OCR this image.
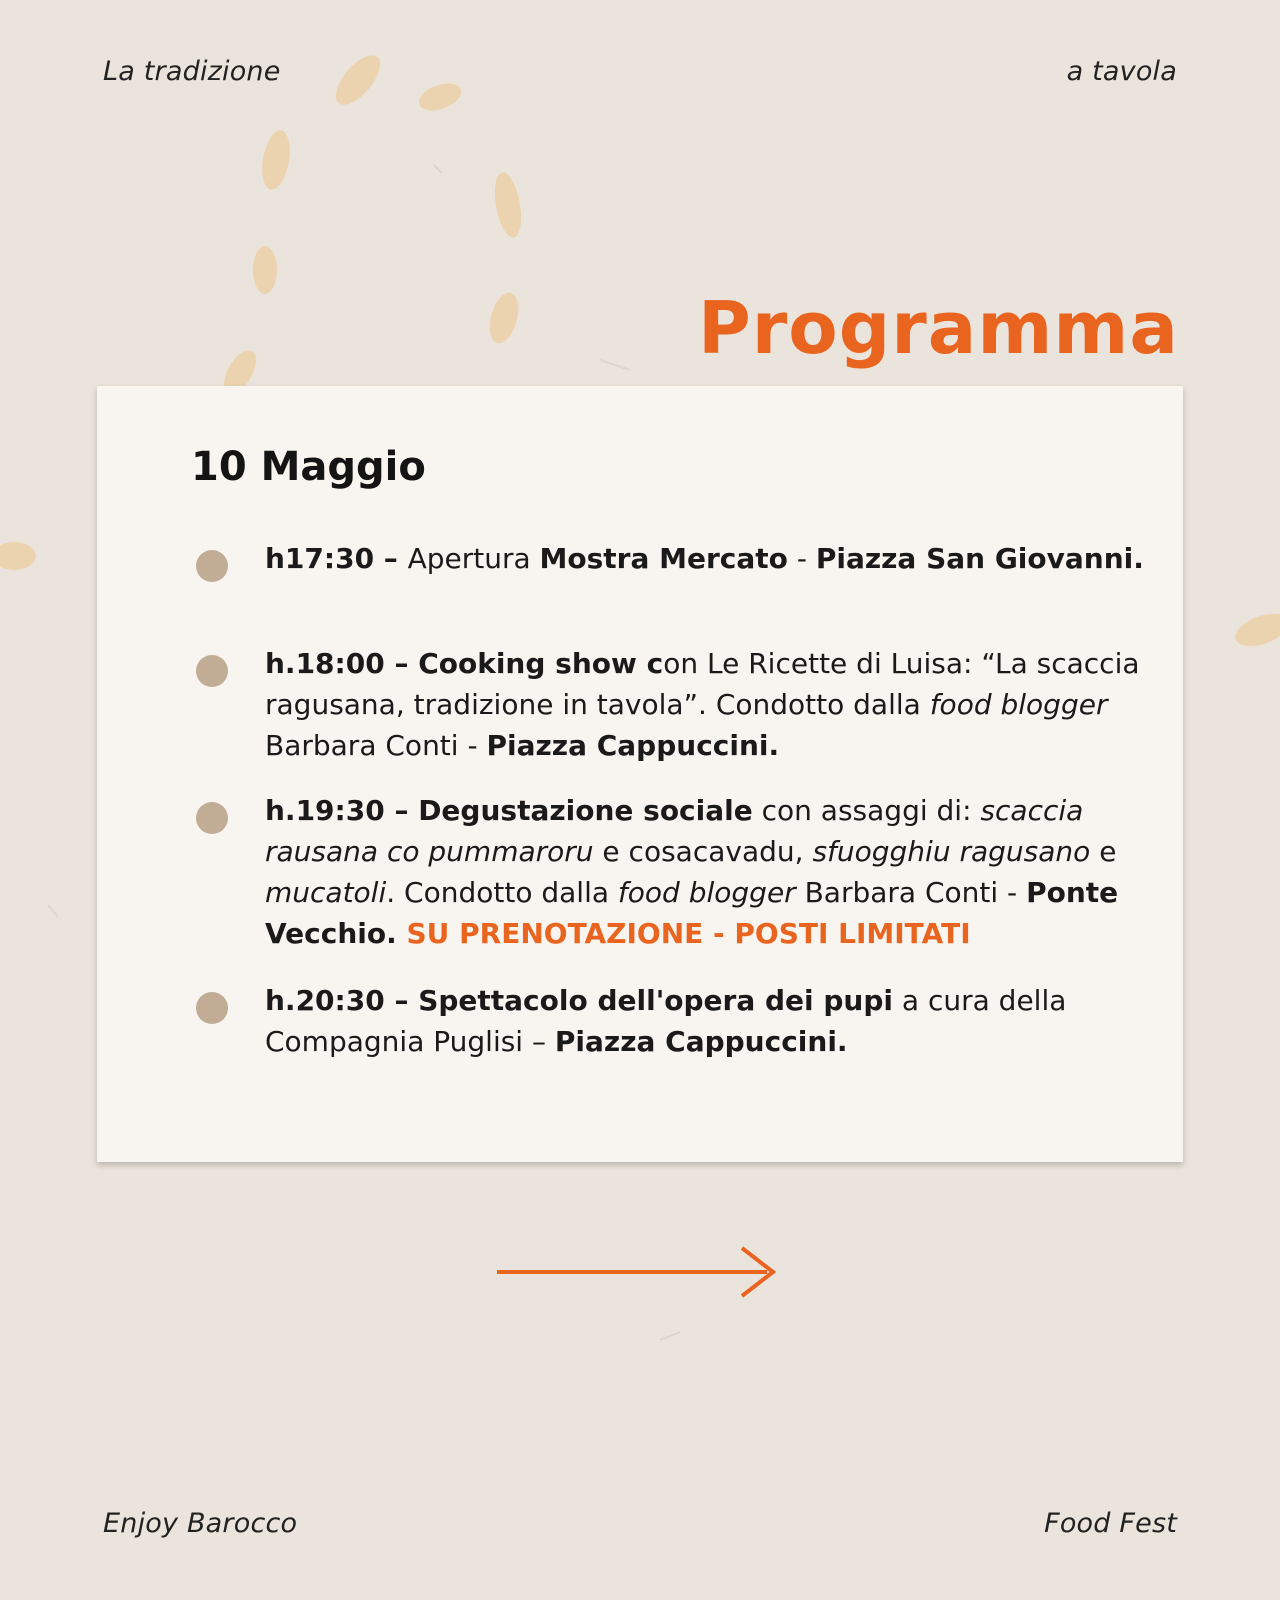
La tradizione	a tavola
Programma
10 Maggio
h17:30 – Apertura Mostra Mercato - Piazza San Giovanni.
h.18:00 – Cooking show con Le Ricette di Luisa: “La scaccia ragusana, tradizione in tavola”. Condotto dalla food blogger Barbara Conti - Piazza Cappuccini.
h.19:30 – Degustazione sociale con assaggi di: scaccia rausana co pummaroru e cosacavadu, sfuogghiu ragusano e mucatoli. Condotto dalla food blogger Barbara Conti - Ponte Vecchio. SU PRENOTAZIONE - POSTI LIMITATI
h.20:30 – Spettacolo dell'opera dei pupi a cura della Compagnia Puglisi – Piazza Cappuccini.
Enjoy Barocco	Food Fest
